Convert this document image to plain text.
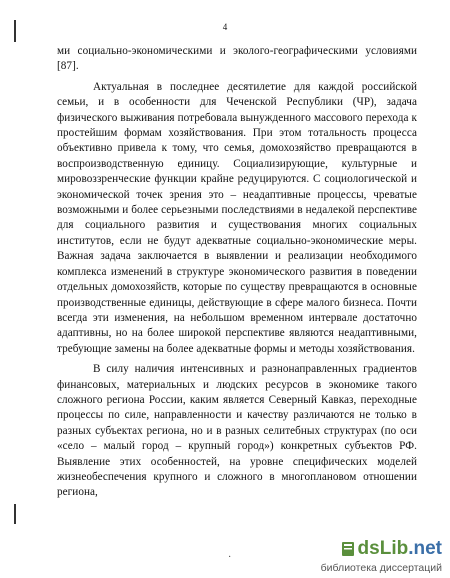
4

ми социально-экономическими и эколого-географическими условиями [87].

Актуальная в последнее десятилетие для каждой российской семьи, и в особенности для Чеченской Республики (ЧР), задача физического выживания потребовала вынужденного массового перехода к простейшим формам хозяйствования. При этом тотальность процесса объективно привела к тому, что семья, домохозяйство превращаются в воспроизводственную единицу. Социализирующие, культурные и мировоззренческие функции крайне редуцируются. С социологической и экономической точек зрения это – неадаптивные процессы, чреватые возможными и более серьезными последствиями в недалекой перспективе для социального развития и существования многих социальных институтов, если не будут адекватные социально-экономические меры. Важная задача заключается в выявлении и реализации необходимого комплекса изменений в структуре экономического развития в поведении отдельных домохозяйств, которые по существу превращаются в основные производственные единицы, действующие в сфере малого бизнеса. Почти всегда эти изменения, на небольшом временном интервале достаточно адаптивны, но на более широкой перспективе являются неадаптивными, требующие замены на более адекватные формы и методы хозяйствования.

В силу наличия интенсивных и разнонаправленных градиентов финансовых, материальных и людских ресурсов в экономике такого сложного региона России, каким является Северный Кавказ, переходные процессы по силе, направленности и качеству различаются не только в разных субъектах региона, но и в разных селитебных структурах (по оси «село – малый город – крупный город») конкретных субъектов РФ. Выявление этих особенностей, на уровне специфических моделей жизнеобеспечения крупного и сложного в многоплановом отношении региона,

·	ds Lib . net
библиотека диссертаций
